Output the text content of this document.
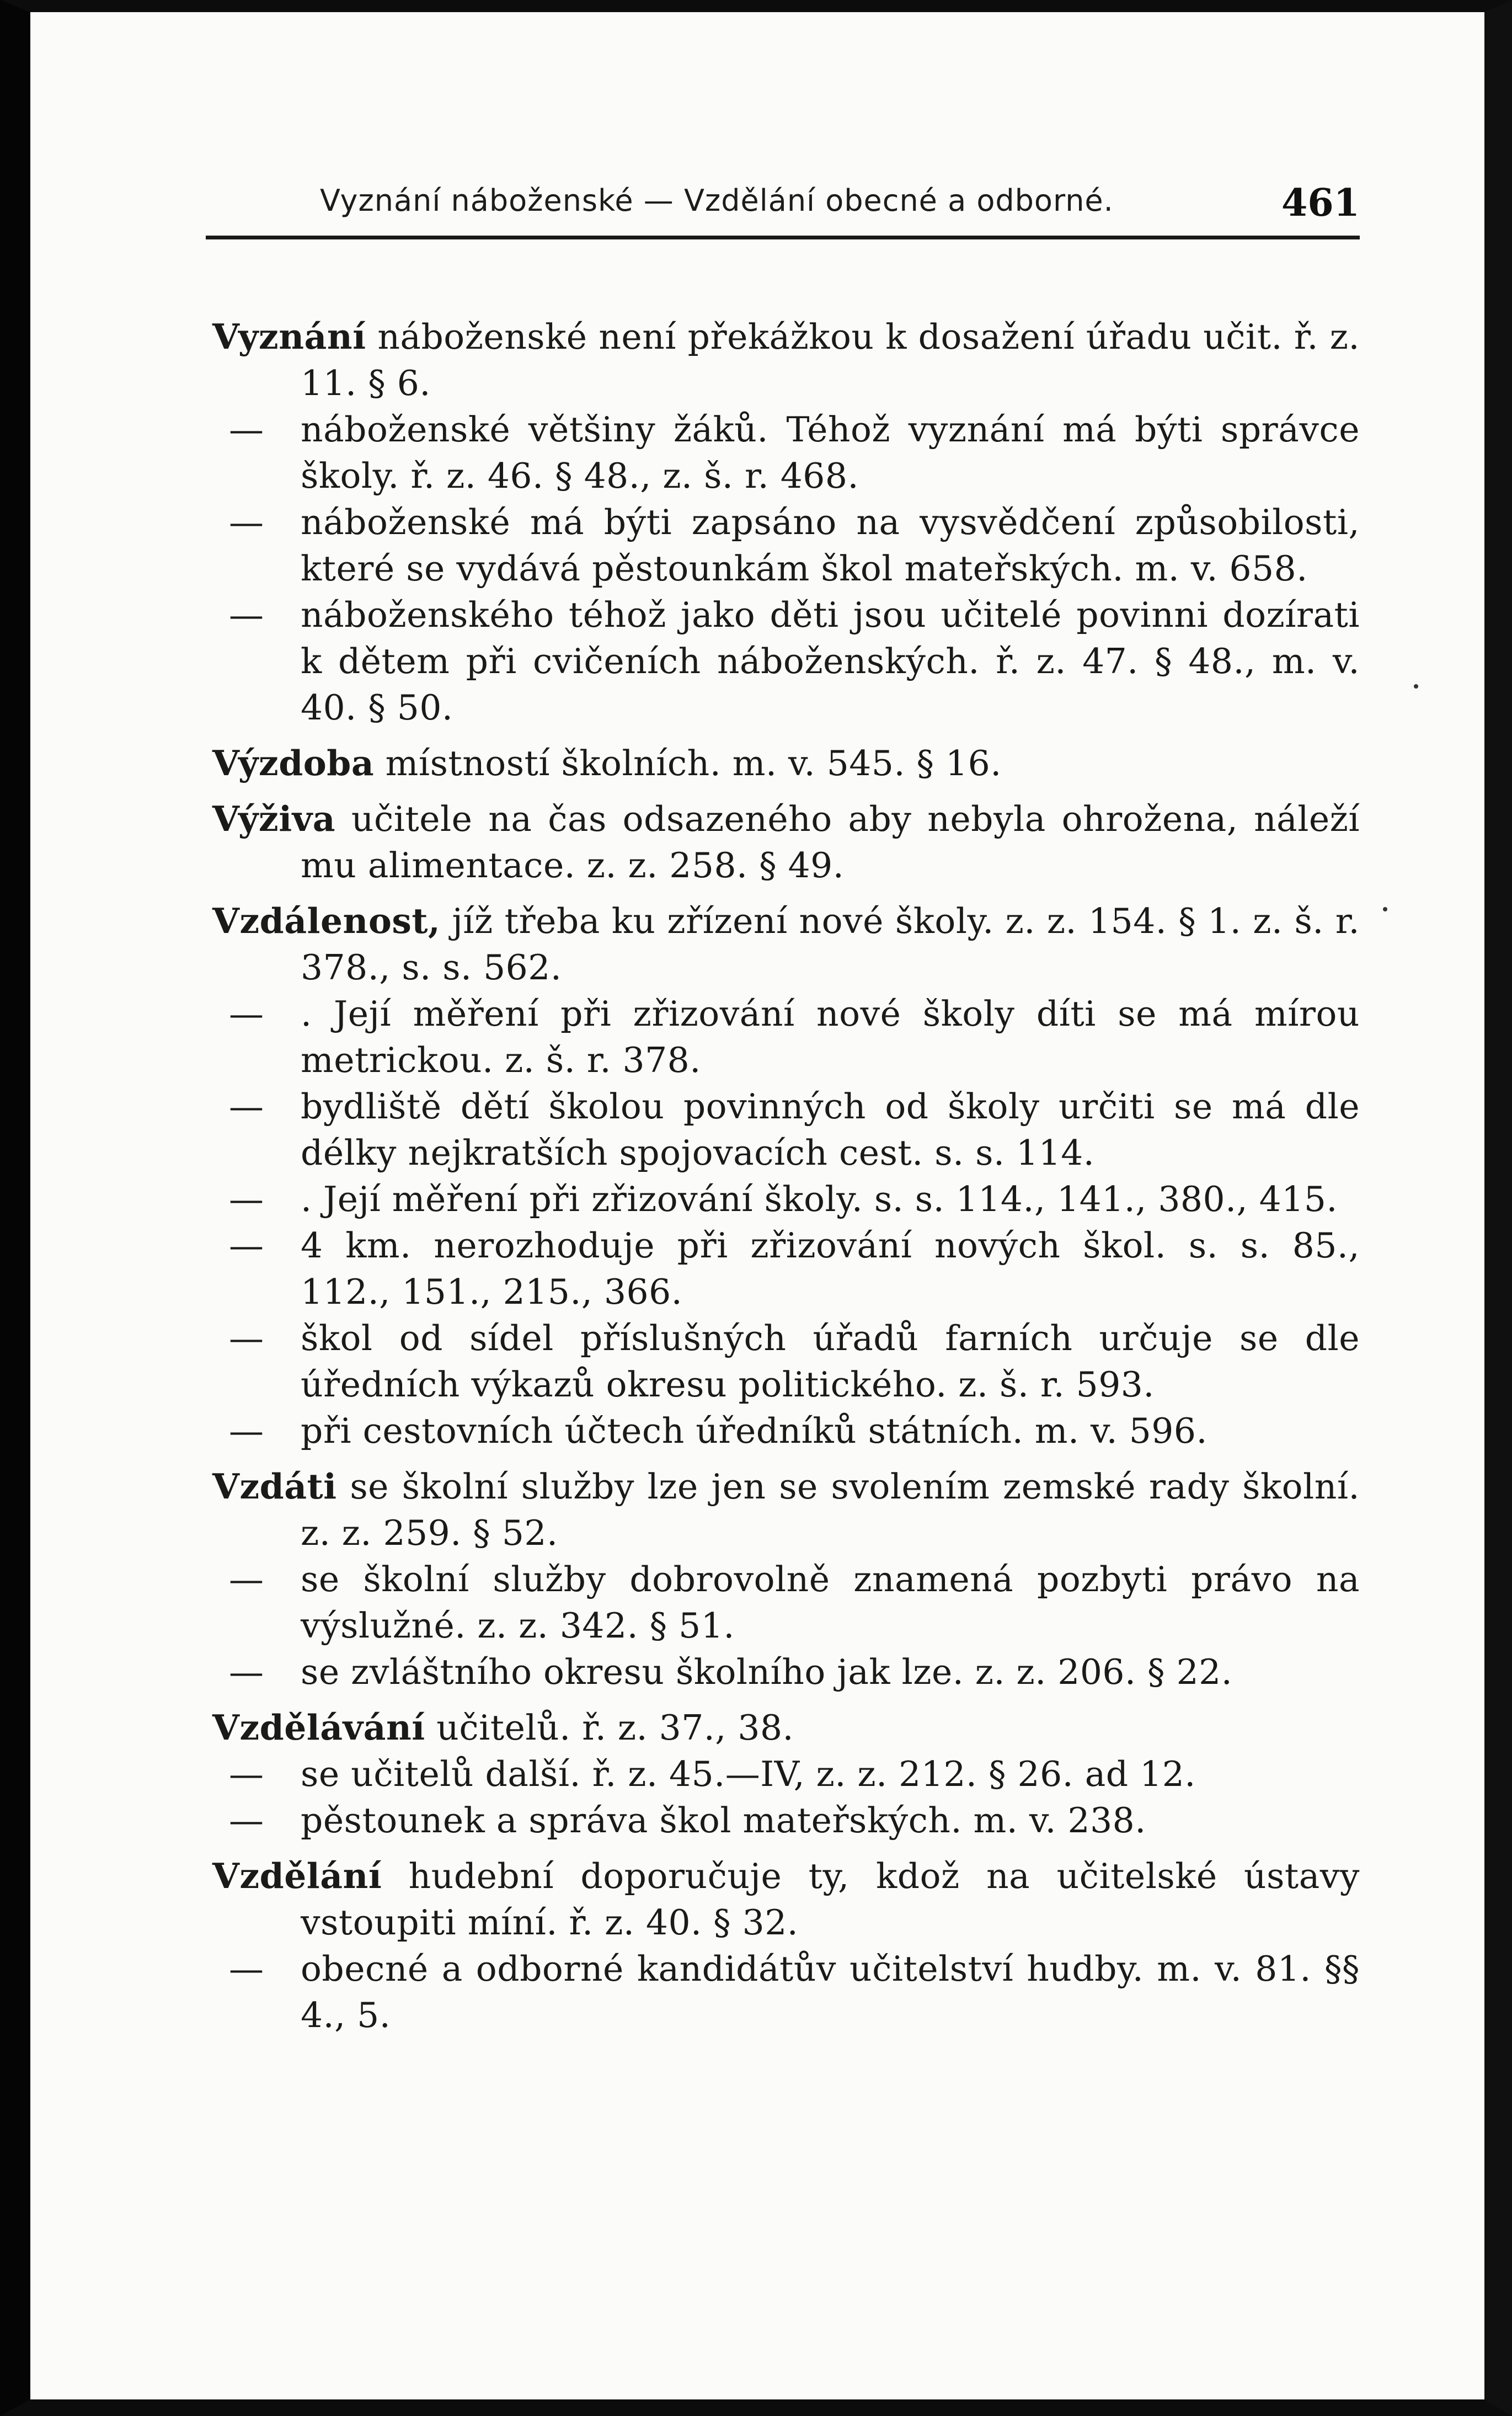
Vyznání náboženské — Vzdělání obecné a odborné.	461

Vyznání náboženské není překážkou k dosažení úřadu učit. ř. z. 11. § 6.

— náboženské většiny žáků. Téhož vyznání má býti správce školy. ř. z. 46. § 48., z. š. r. 468.

— náboženské má býti zapsáno na vysvědčení způsobilosti, které se vydává pěstounkám škol mateřských. m. v. 658.

— náboženského téhož jako děti jsou učitelé povinni dozírati k dětem při cvičeních náboženských. ř. z. 47. § 48., m. v. 40. § 50.

Výzdoba místností školních. m. v. 545. § 16.

Výživa učitele na čas odsazeného aby nebyla ohrožena, náleží mu alimentace. z. z. 258. § 49.

Vzdálenost, jíž třeba ku zřízení nové školy. z. z. 154. § 1. z. š. r. 378., s. s. 562.

— . Její měření při zřizování nové školy díti se má mírou metrickou. z. š. r. 378.

— bydliště dětí školou povinných od školy určiti se má dle délky nejkratších spojovacích cest. s. s. 114.

— . Její měření při zřizování školy. s. s. 114., 141., 380., 415.

— 4 km. nerozhoduje při zřizování nových škol. s. s. 85., 112., 151., 215., 366.

— škol od sídel příslušných úřadů farních určuje se dle úředních výkazů okresu politického. z. š. r. 593.

— při cestovních účtech úředníků státních. m. v. 596.

Vzdáti se školní služby lze jen se svolením zemské rady školní. z. z. 259. § 52.

— se školní služby dobrovolně znamená pozbyti právo na výslužné. z. z. 342. § 51.

— se zvláštního okresu školního jak lze. z. z. 206. § 22.

Vzdělávání učitelů. ř. z. 37., 38.

— se učitelů další. ř. z. 45.—IV, z. z. 212. § 26. ad 12.

— pěstounek a správa škol mateřských. m. v. 238.

Vzdělání hudební doporučuje ty, kdož na učitelské ústavy vstoupiti míní. ř. z. 40. § 32.

— obecné a odborné kandidátův učitelství hudby. m. v. 81. §§ 4., 5.
